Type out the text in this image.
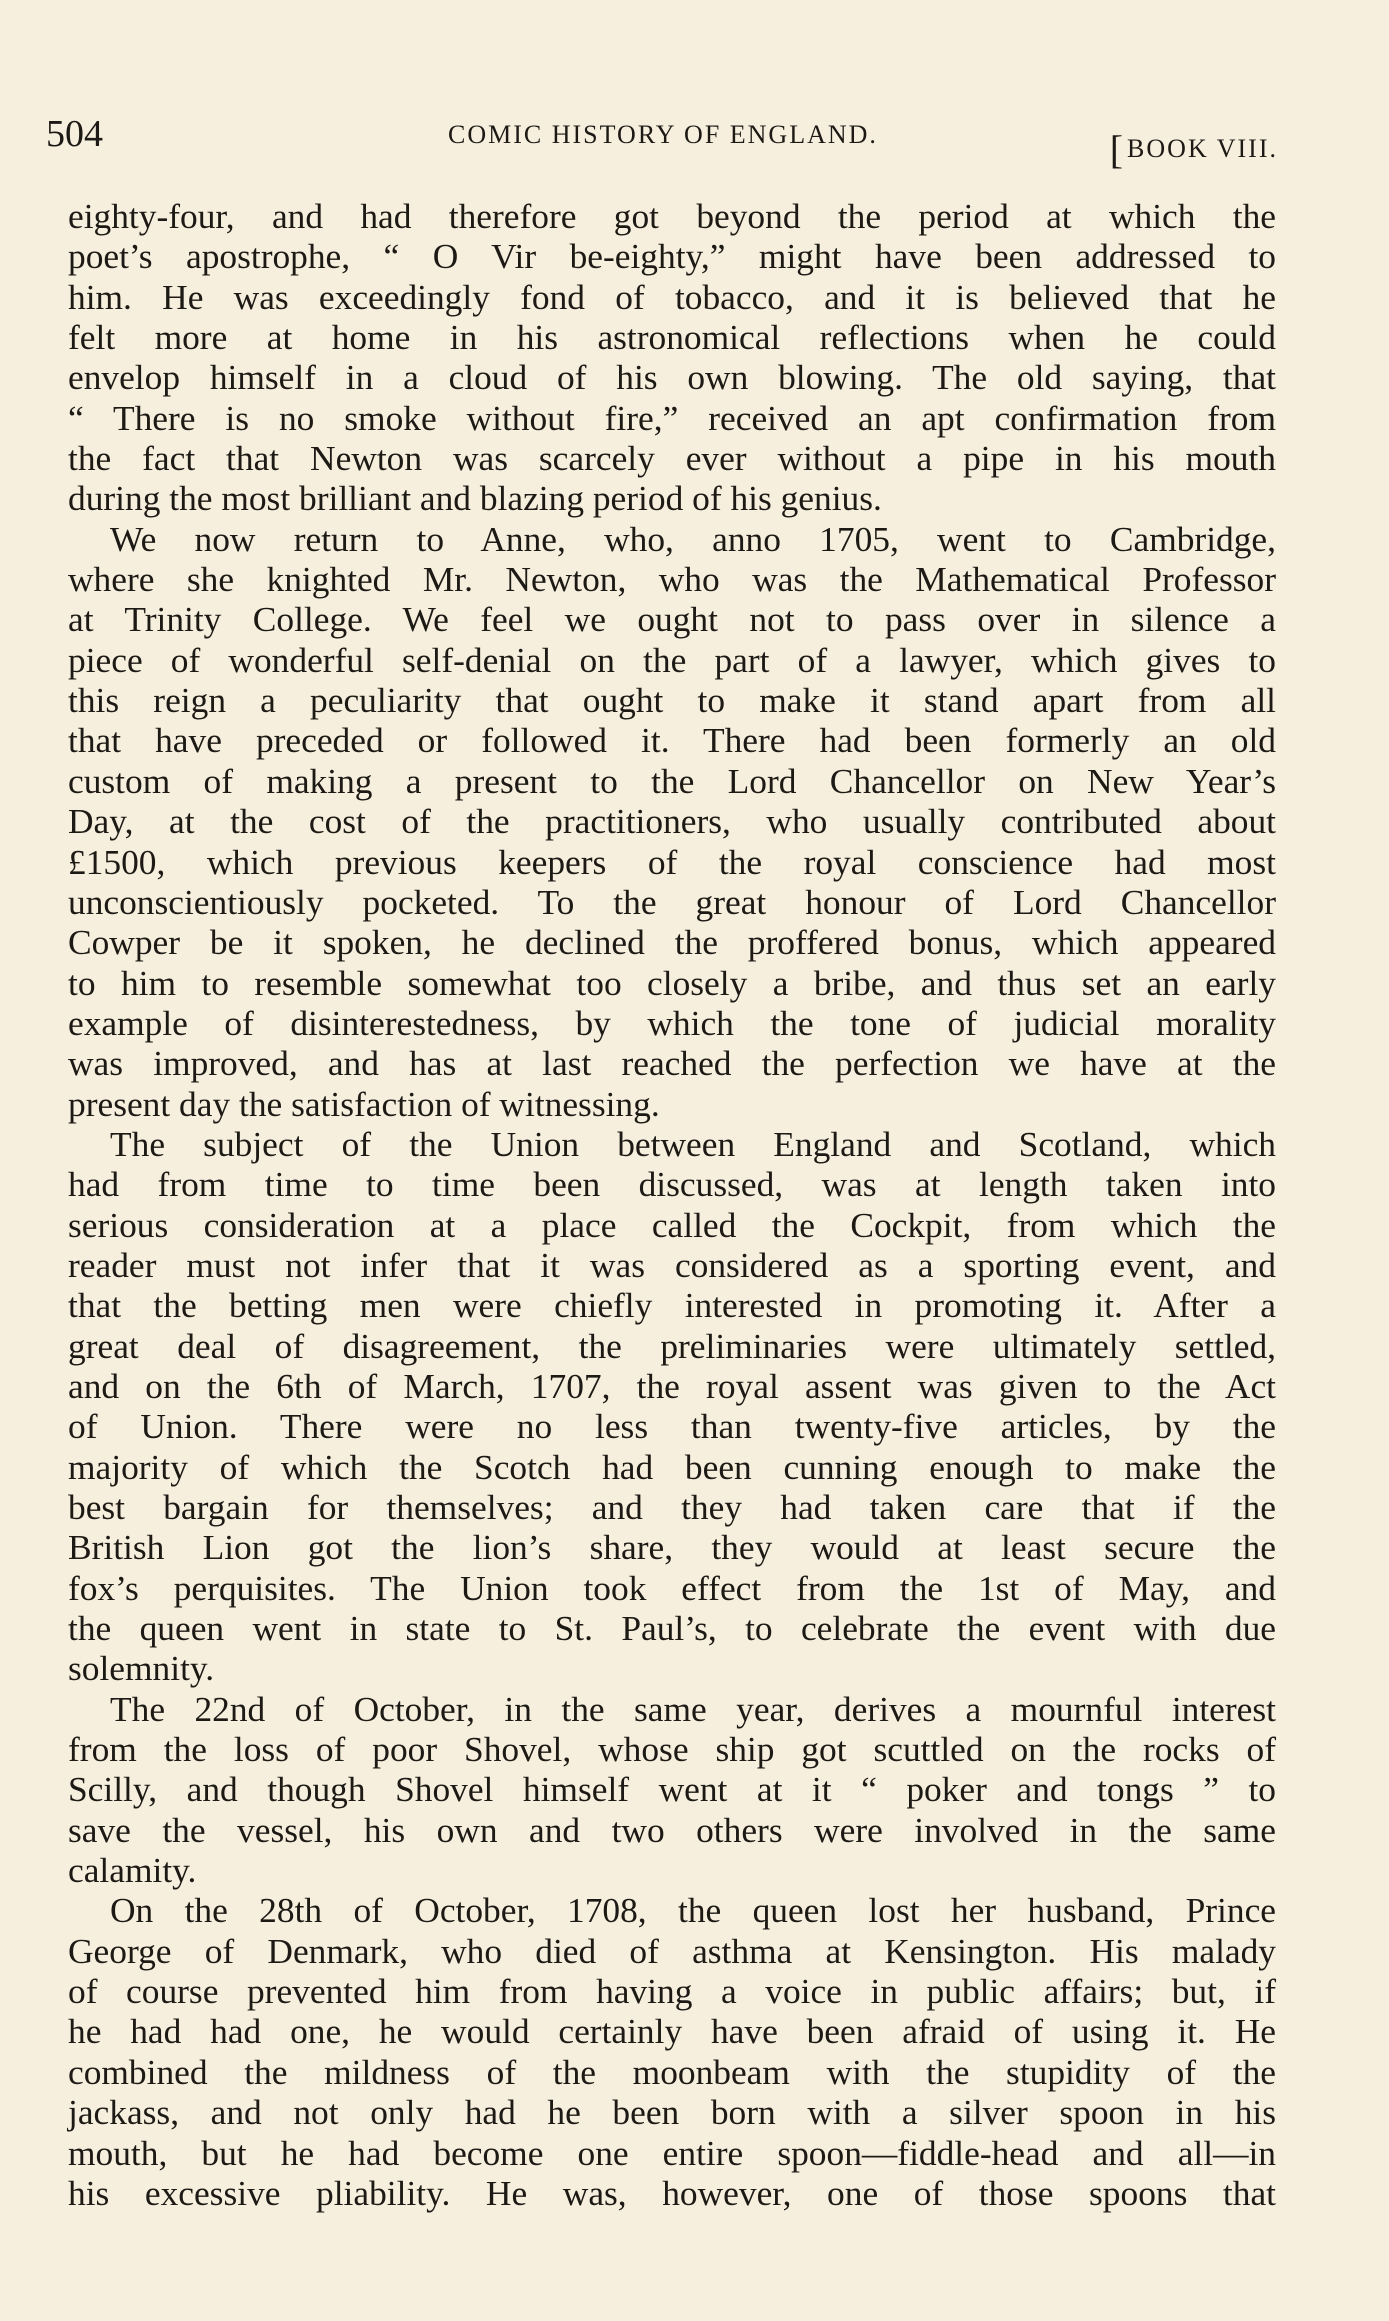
504	COMIC HISTORY OF ENGLAND.	[BOOK VIII.
eighty-four, and had therefore got beyond the period at which the
poet’s apostrophe, “ O Vir be-eighty,” might have been addressed to
him. He was exceedingly fond of tobacco, and it is believed that he
felt more at home in his astronomical reflections when he could
envelop himself in a cloud of his own blowing. The old saying, that
“ There is no smoke without fire,” received an apt confirmation from
the fact that Newton was scarcely ever without a pipe in his mouth
during the most brilliant and blazing period of his genius.
We now return to Anne, who, anno 1705, went to Cambridge,
where she knighted Mr. Newton, who was the Mathematical Professor
at Trinity College. We feel we ought not to pass over in silence a
piece of wonderful self-denial on the part of a lawyer, which gives to
this reign a peculiarity that ought to make it stand apart from all
that have preceded or followed it. There had been formerly an old
custom of making a present to the Lord Chancellor on New Year’s
Day, at the cost of the practitioners, who usually contributed about
£1500, which previous keepers of the royal conscience had most
unconscientiously pocketed. To the great honour of Lord Chancellor
Cowper be it spoken, he declined the proffered bonus, which appeared
to him to resemble somewhat too closely a bribe, and thus set an early
example of disinterestedness, by which the tone of judicial morality
was improved, and has at last reached the perfection we have at the
present day the satisfaction of witnessing.
The subject of the Union between England and Scotland, which
had from time to time been discussed, was at length taken into
serious consideration at a place called the Cockpit, from which the
reader must not infer that it was considered as a sporting event, and
that the betting men were chiefly interested in promoting it. After a
great deal of disagreement, the preliminaries were ultimately settled,
and on the 6th of March, 1707, the royal assent was given to the Act
of Union. There were no less than twenty-five articles, by the
majority of which the Scotch had been cunning enough to make the
best bargain for themselves; and they had taken care that if the
British Lion got the lion’s share, they would at least secure the
fox’s perquisites. The Union took effect from the 1st of May, and
the queen went in state to St. Paul’s, to celebrate the event with due
solemnity.
The 22nd of October, in the same year, derives a mournful interest
from the loss of poor Shovel, whose ship got scuttled on the rocks of
Scilly, and though Shovel himself went at it “ poker and tongs ” to
save the vessel, his own and two others were involved in the same
calamity.
On the 28th of October, 1708, the queen lost her husband, Prince
George of Denmark, who died of asthma at Kensington. His malady
of course prevented him from having a voice in public affairs; but, if
he had had one, he would certainly have been afraid of using it. He
combined the mildness of the moonbeam with the stupidity of the
jackass, and not only had he been born with a silver spoon in his
mouth, but he had become one entire spoon—fiddle-head and all—in
his excessive pliability. He was, however, one of those spoons that
